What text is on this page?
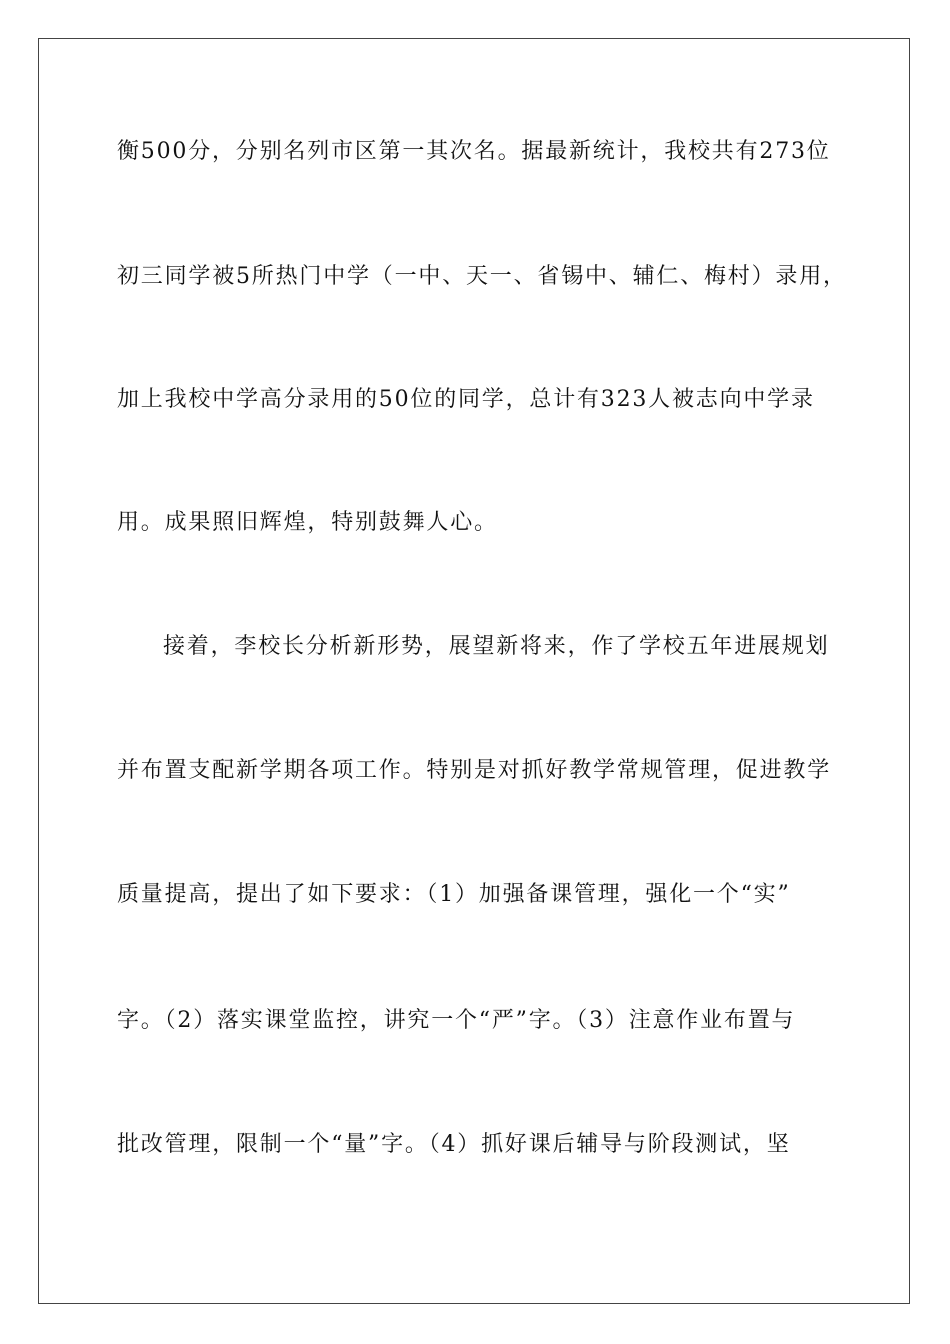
衡500分，分别名列市区第一其次名。据最新统计，我校共有273位
初三同学被5所热门中学（一中、天一、省锡中、辅仁、梅村）录用，
加上我校中学高分录用的50位的同学，总计有323人被志向中学录
用。成果照旧辉煌，特别鼓舞人心。
接着，李校长分析新形势，展望新将来，作了学校五年进展规划
并布置支配新学期各项工作。特别是对抓好教学常规管理，促进教学
质量提高，提出了如下要求：（1）加强备课管理，强化一个“实”
字。（2）落实课堂监控，讲究一个“严”字。（3）注意作业布置与
批改管理，限制一个“量”字。（4）抓好课后辅导与阶段测试，坚
